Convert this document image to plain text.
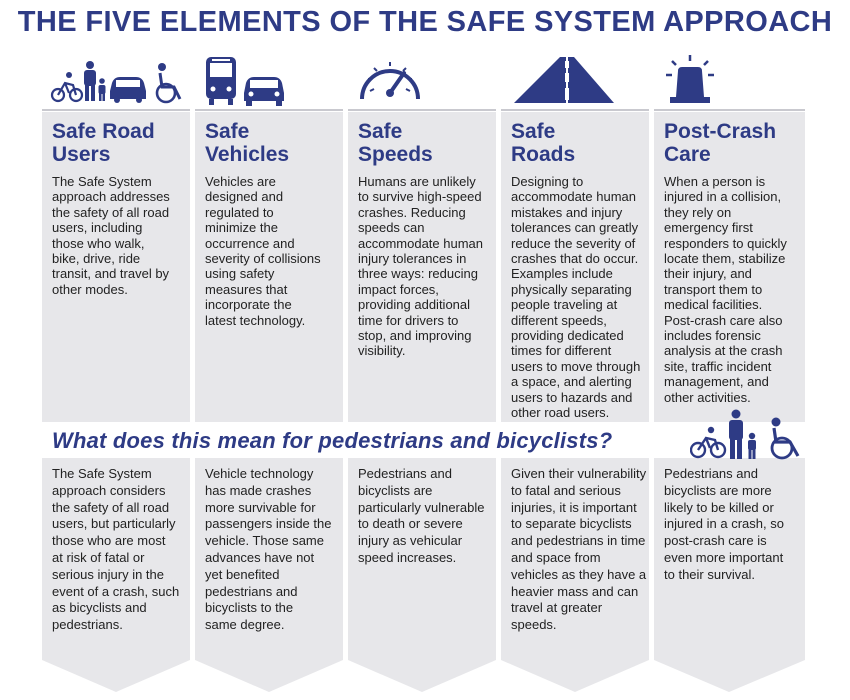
THE FIVE ELEMENTS OF THE SAFE SYSTEM APPROACH
Safe Road
Users
Safe
Vehicles
Safe
Speeds
Safe
Roads
Post-Crash
Care
The Safe System
approach addresses
the safety of all road
users, including
those who walk,
bike, drive, ride
transit, and travel by
other modes.
Vehicles are
designed and
regulated to
minimize the
occurrence and
severity of collisions
using safety
measures that
incorporate the
latest technology.
Humans are unlikely
to survive high-speed
crashes. Reducing
speeds can
accommodate human
injury tolerances in
three ways: reducing
impact forces,
providing additional
time for drivers to
stop, and improving
visibility.
Designing to
accommodate human
mistakes and injury
tolerances can greatly
reduce the severity of
crashes that do occur.
Examples include
physically separating
people traveling at
different speeds,
providing dedicated
times for different
users to move through
a space, and alerting
users to hazards and
other road users.
When a person is
injured in a collision,
they rely on
emergency first
responders to quickly
locate them, stabilize
their injury, and
transport them to
medical facilities.
Post-crash care also
includes forensic
analysis at the crash
site, traffic incident
management, and
other activities.
What does this mean for pedestrians and bicyclists?
The Safe System
approach considers
the safety of all road
users, but particularly
those who are most
at risk of fatal or
serious injury in the
event of a crash, such
as bicyclists and
pedestrians.
Vehicle technology
has made crashes
more survivable for
passengers inside the
vehicle. Those same
advances have not
yet benefited
pedestrians and
bicyclists to the
same degree.
Pedestrians and
bicyclists are
particularly vulnerable
to death or severe
injury as vehicular
speed increases.
Given their vulnerability
to fatal and serious
injuries, it is important
to separate bicyclists
and pedestrians in time
and space from
vehicles as they have a
heavier mass and can
travel at greater
speeds.
Pedestrians and
bicyclists are more
likely to be killed or
injured in a crash, so
post-crash care is
even more important
to their survival.
